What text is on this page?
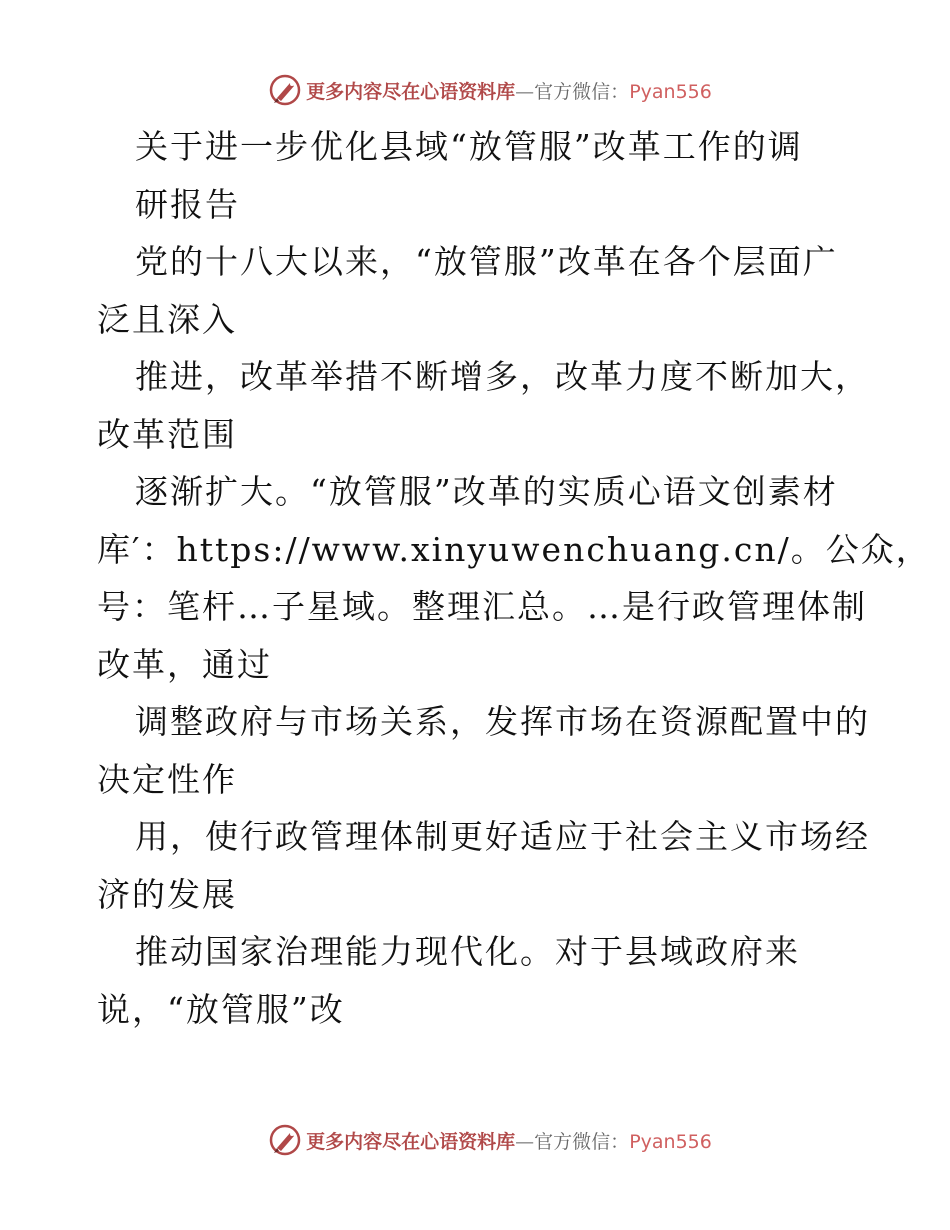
更多内容尽在心语资料库—官方微信：Pyan556
关于进一步优化县域“放管服”改革工作的调
研报告
党的十八大以来，“放管服”改革在各个层面广
泛且深入
推进，改革举措不断增多，改革力度不断加大，
改革范围
逐渐扩大。“放管服”改革的实质心语文创素材
库′：https://www.xinyuwenchuang.cn/。公众，
号：笔杆…子星域。整理汇总。…是行政管理体制
改革，通过
调整政府与市场关系，发挥市场在资源配置中的
决定性作
用，使行政管理体制更好适应于社会主义市场经
济的发展
推动国家治理能力现代化。对于县域政府来
说，“放管服”改
更多内容尽在心语资料库—官方微信：Pyan556
